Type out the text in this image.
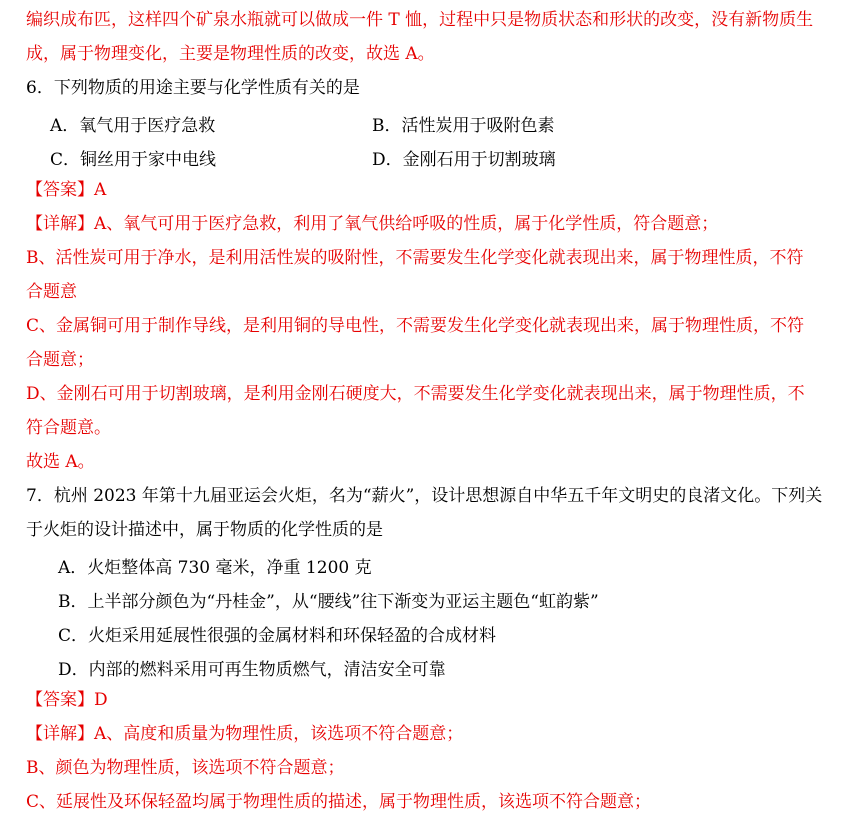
编织成布匹，这样四个矿泉水瓶就可以做成一件 T 恤，过程中只是物质状态和形状的改变，没有新物质生
成，属于物理变化，主要是物理性质的改变，故选 A。
6．下列物质的用途主要与化学性质有关的是
A．氧气用于医疗急救	B．活性炭用于吸附色素
C．铜丝用于家中电线	D．金刚石用于切割玻璃
【答案】A
【详解】A、氧气可用于医疗急救，利用了氧气供给呼吸的性质，属于化学性质，符合题意；
B、活性炭可用于净水，是利用活性炭的吸附性，不需要发生化学变化就表现出来，属于物理性质，不符
合题意
C、金属铜可用于制作导线，是利用铜的导电性，不需要发生化学变化就表现出来，属于物理性质，不符
合题意；
D、金刚石可用于切割玻璃，是利用金刚石硬度大，不需要发生化学变化就表现出来，属于物理性质，不
符合题意。
故选 A。
7．杭州 2023 年第十九届亚运会火炬，名为“薪火”，设计思想源自中华五千年文明史的良渚文化。下列关
于火炬的设计描述中，属于物质的化学性质的是
A．火炬整体高 730 毫米，净重 1200 克
B．上半部分颜色为“丹桂金”，从“腰线”往下渐变为亚运主题色“虹韵紫”
C．火炬采用延展性很强的金属材料和环保轻盈的合成材料
D．内部的燃料采用可再生物质燃气，清洁安全可靠
【答案】D
【详解】A、高度和质量为物理性质，该选项不符合题意；
B、颜色为物理性质，该选项不符合题意；
C、延展性及环保轻盈均属于物理性质的描述，属于物理性质，该选项不符合题意；
